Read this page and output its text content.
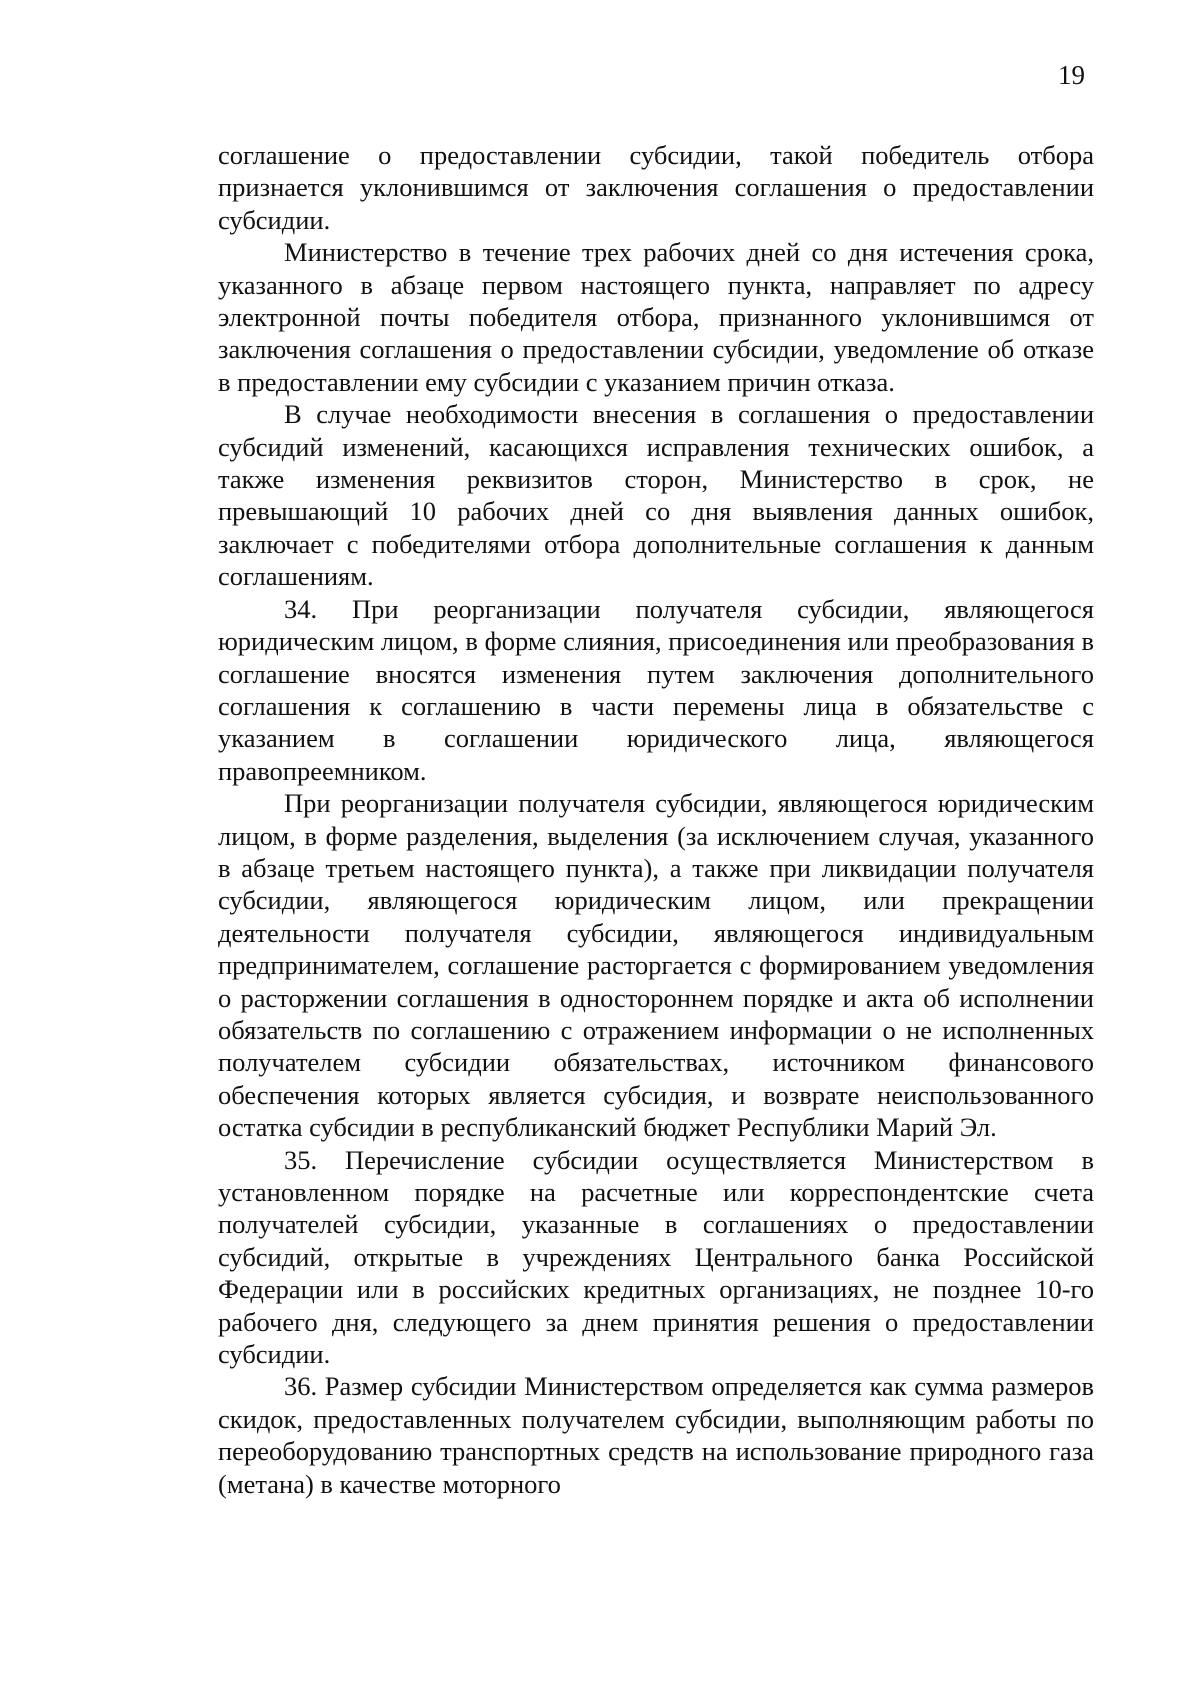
19

соглашение о предоставлении субсидии, такой победитель отбора признается уклонившимся от заключения соглашения о предоставлении субсидии.

Министерство в течение трех рабочих дней со дня истечения срока, указанного в абзаце первом настоящего пункта, направляет по адресу электронной почты победителя отбора, признанного уклонившимся от заключения соглашения о предоставлении субсидии, уведомление об отказе в предоставлении ему субсидии с указанием причин отказа.

В случае необходимости внесения в соглашения о предоставлении субсидий изменений, касающихся исправления технических ошибок, а также изменения реквизитов сторон, Министерство в срок, не превышающий 10 рабочих дней со дня выявления данных ошибок, заключает с победителями отбора дополнительные соглашения к данным соглашениям.

34. При реорганизации получателя субсидии, являющегося юридическим лицом, в форме слияния, присоединения или преобразования в соглашение вносятся изменения путем заключения дополнительного соглашения к соглашению в части перемены лица в обязательстве с указанием в соглашении юридического лица, являющегося правопреемником.

При реорганизации получателя субсидии, являющегося юридическим лицом, в форме разделения, выделения (за исключением случая, указанного в абзаце третьем настоящего пункта), а также при ликвидации получателя субсидии, являющегося юридическим лицом, или прекращении деятельности получателя субсидии, являющегося индивидуальным предпринимателем, соглашение расторгается с формированием уведомления о расторжении соглашения в одностороннем порядке и акта об исполнении обязательств по соглашению с отражением информации о не исполненных получателем субсидии обязательствах, источником финансового обеспечения которых является субсидия, и возврате неиспользованного остатка субсидии в республиканский бюджет Республики Марий Эл.

35. Перечисление субсидии осуществляется Министерством в установленном порядке на расчетные или корреспондентские счета получателей субсидии, указанные в соглашениях о предоставлении субсидий, открытые в учреждениях Центрального банка Российской Федерации или в российских кредитных организациях, не позднее 10-го рабочего дня, следующего за днем принятия решения о предоставлении субсидии.

36. Размер субсидии Министерством определяется как сумма размеров скидок, предоставленных получателем субсидии, выполняющим работы по переоборудованию транспортных средств на использование природного газа (метана) в качестве моторного
